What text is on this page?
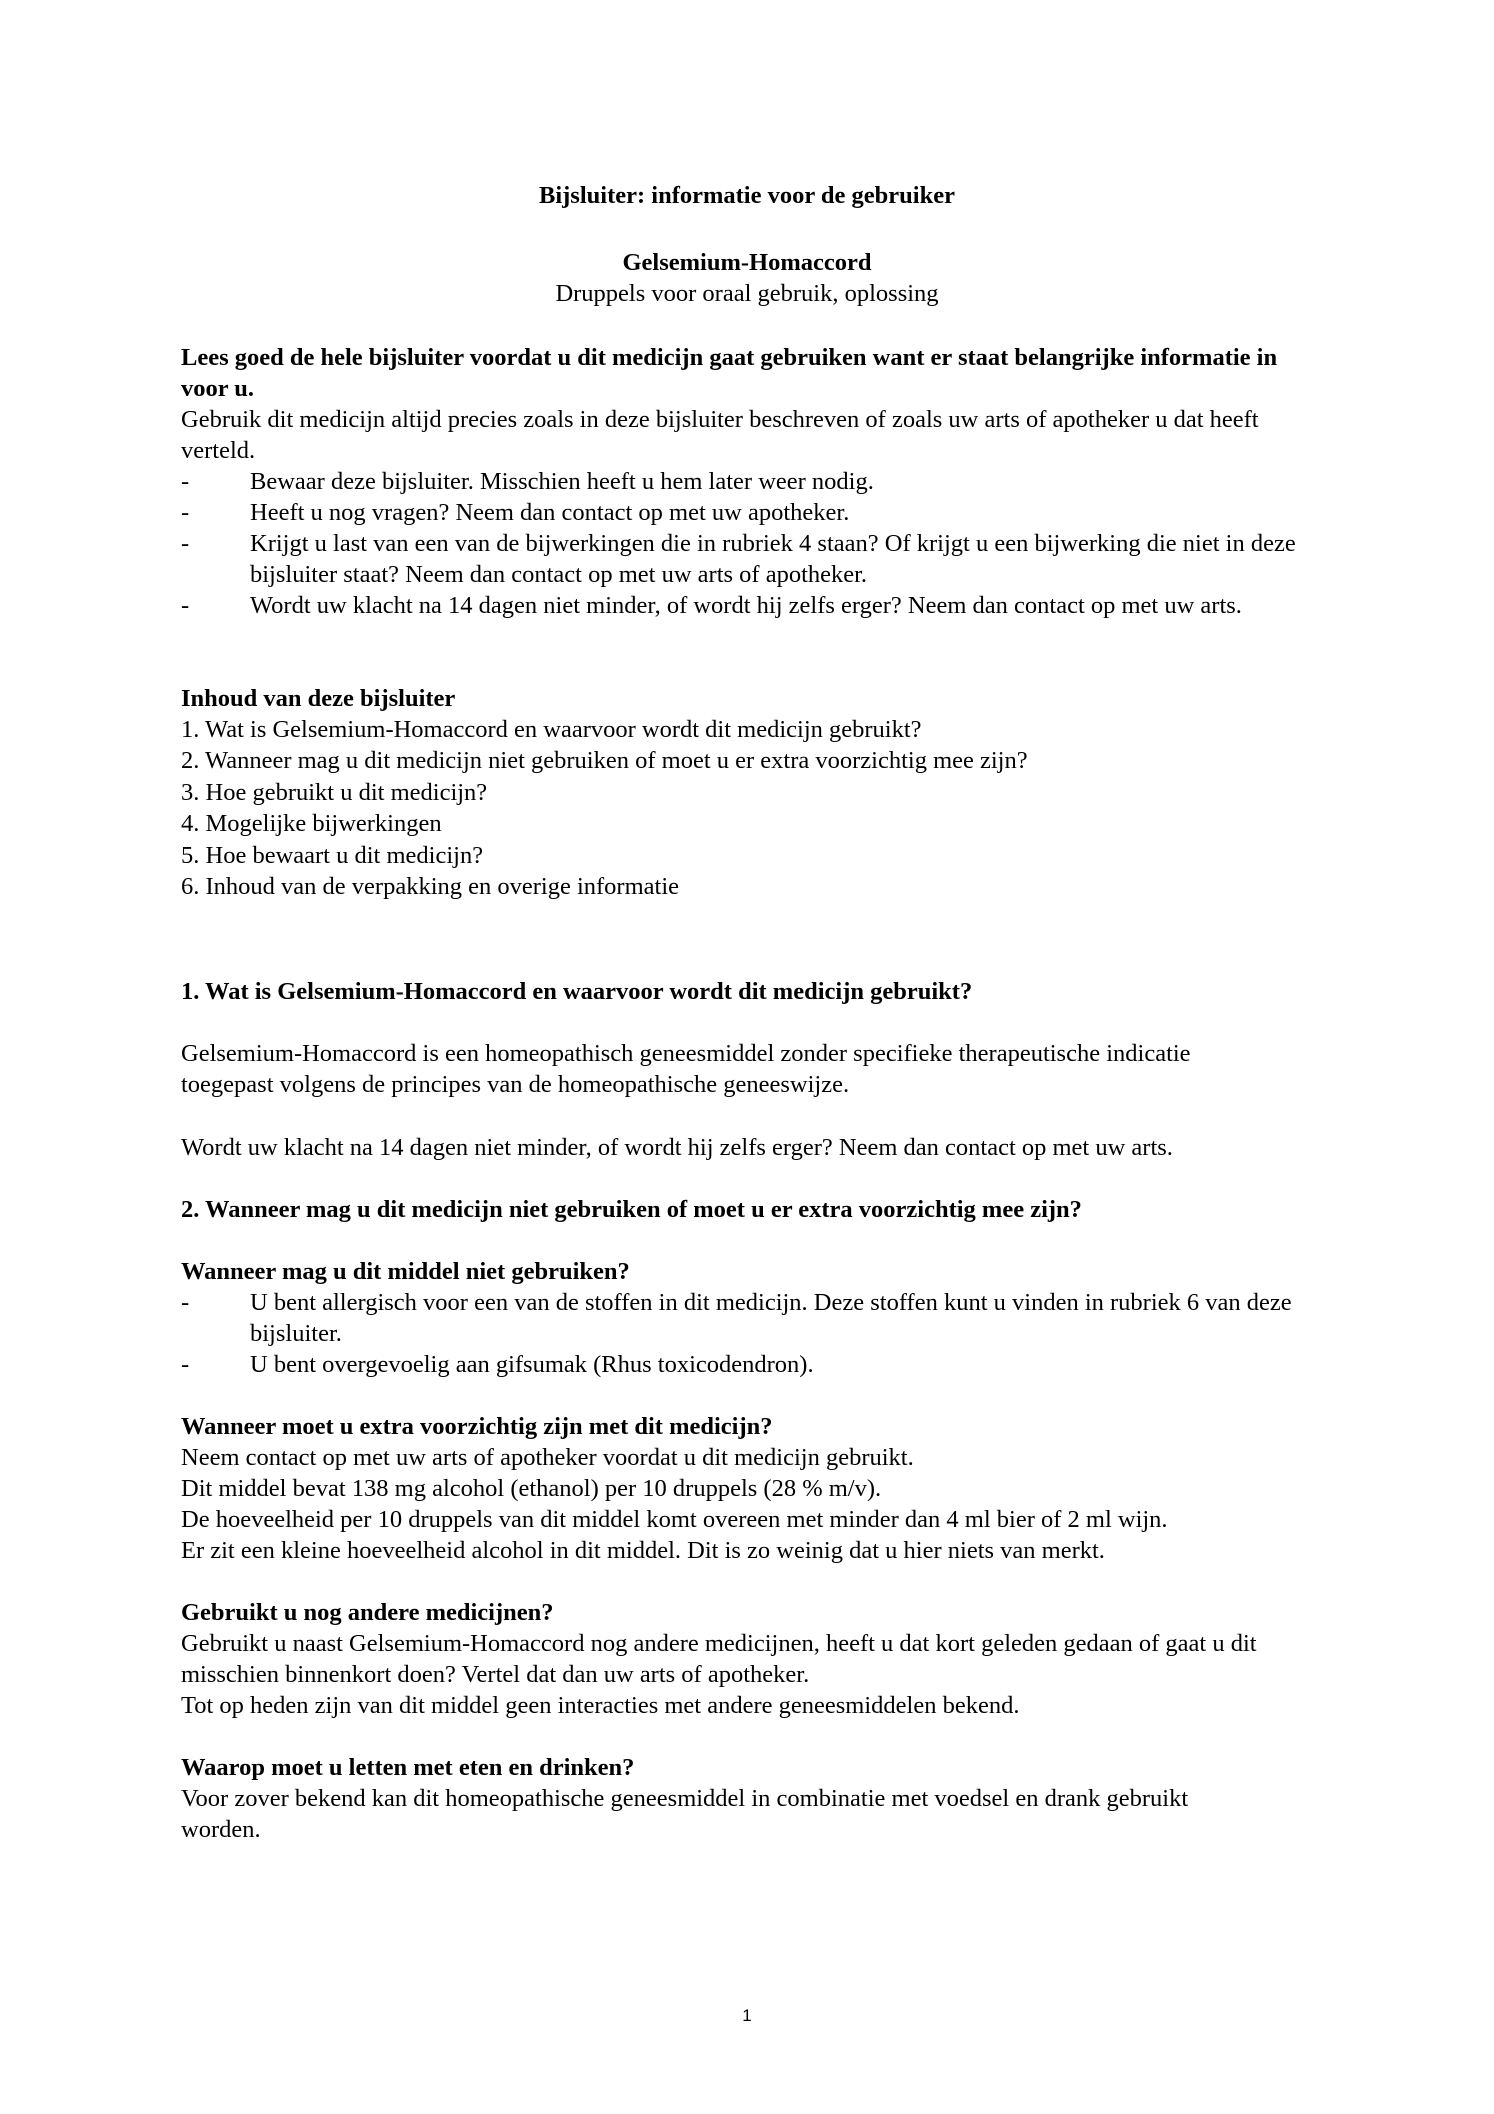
Bijsluiter: informatie voor de gebruiker
Gelsemium-Homaccord
Druppels voor oraal gebruik, oplossing
Lees goed de hele bijsluiter voordat u dit medicijn gaat gebruiken want er staat belangrijke informatie in voor u.
Gebruik dit medicijn altijd precies zoals in deze bijsluiter beschreven of zoals uw arts of apotheker u dat heeft verteld.
-	Bewaar deze bijsluiter. Misschien heeft u hem later weer nodig.
-	Heeft u nog vragen? Neem dan contact op met uw apotheker.
-	Krijgt u last van een van de bijwerkingen die in rubriek 4 staan? Of krijgt u een bijwerking die niet in deze bijsluiter staat? Neem dan contact op met uw arts of apotheker.
-	Wordt uw klacht na 14 dagen niet minder, of wordt hij zelfs erger? Neem dan contact op met uw arts.
Inhoud van deze bijsluiter
1. Wat is Gelsemium-Homaccord en waarvoor wordt dit medicijn gebruikt?
2. Wanneer mag u dit medicijn niet gebruiken of moet u er extra voorzichtig mee zijn?
3. Hoe gebruikt u dit medicijn?
4. Mogelijke bijwerkingen
5. Hoe bewaart u dit medicijn?
6. Inhoud van de verpakking en overige informatie
1. Wat is Gelsemium-Homaccord en waarvoor wordt dit medicijn gebruikt?
Gelsemium-Homaccord is een homeopathisch geneesmiddel zonder specifieke therapeutische indicatie toegepast volgens de principes van de homeopathische geneeswijze.
Wordt uw klacht na 14 dagen niet minder, of wordt hij zelfs erger? Neem dan contact op met uw arts.
2. Wanneer mag u dit medicijn niet gebruiken of moet u er extra voorzichtig mee zijn?
Wanneer mag u dit middel niet gebruiken?
-	U bent allergisch voor een van de stoffen in dit medicijn. Deze stoffen kunt u vinden in rubriek 6 van deze bijsluiter.
-	U bent overgevoelig aan gifsumak (Rhus toxicodendron).
Wanneer moet u extra voorzichtig zijn met dit medicijn?
Neem contact op met uw arts of apotheker voordat u dit medicijn gebruikt.
Dit middel bevat 138 mg alcohol (ethanol) per 10 druppels (28 % m/v).
De hoeveelheid per 10 druppels van dit middel komt overeen met minder dan 4 ml bier of 2 ml wijn.
Er zit een kleine hoeveelheid alcohol in dit middel. Dit is zo weinig dat u hier niets van merkt.
Gebruikt u nog andere medicijnen?
Gebruikt u naast Gelsemium-Homaccord nog andere medicijnen, heeft u dat kort geleden gedaan of gaat u dit misschien binnenkort doen? Vertel dat dan uw arts of apotheker.
Tot op heden zijn van dit middel geen interacties met andere geneesmiddelen bekend.
Waarop moet u letten met eten en drinken?
Voor zover bekend kan dit homeopathische geneesmiddel in combinatie met voedsel en drank gebruikt worden.
1
